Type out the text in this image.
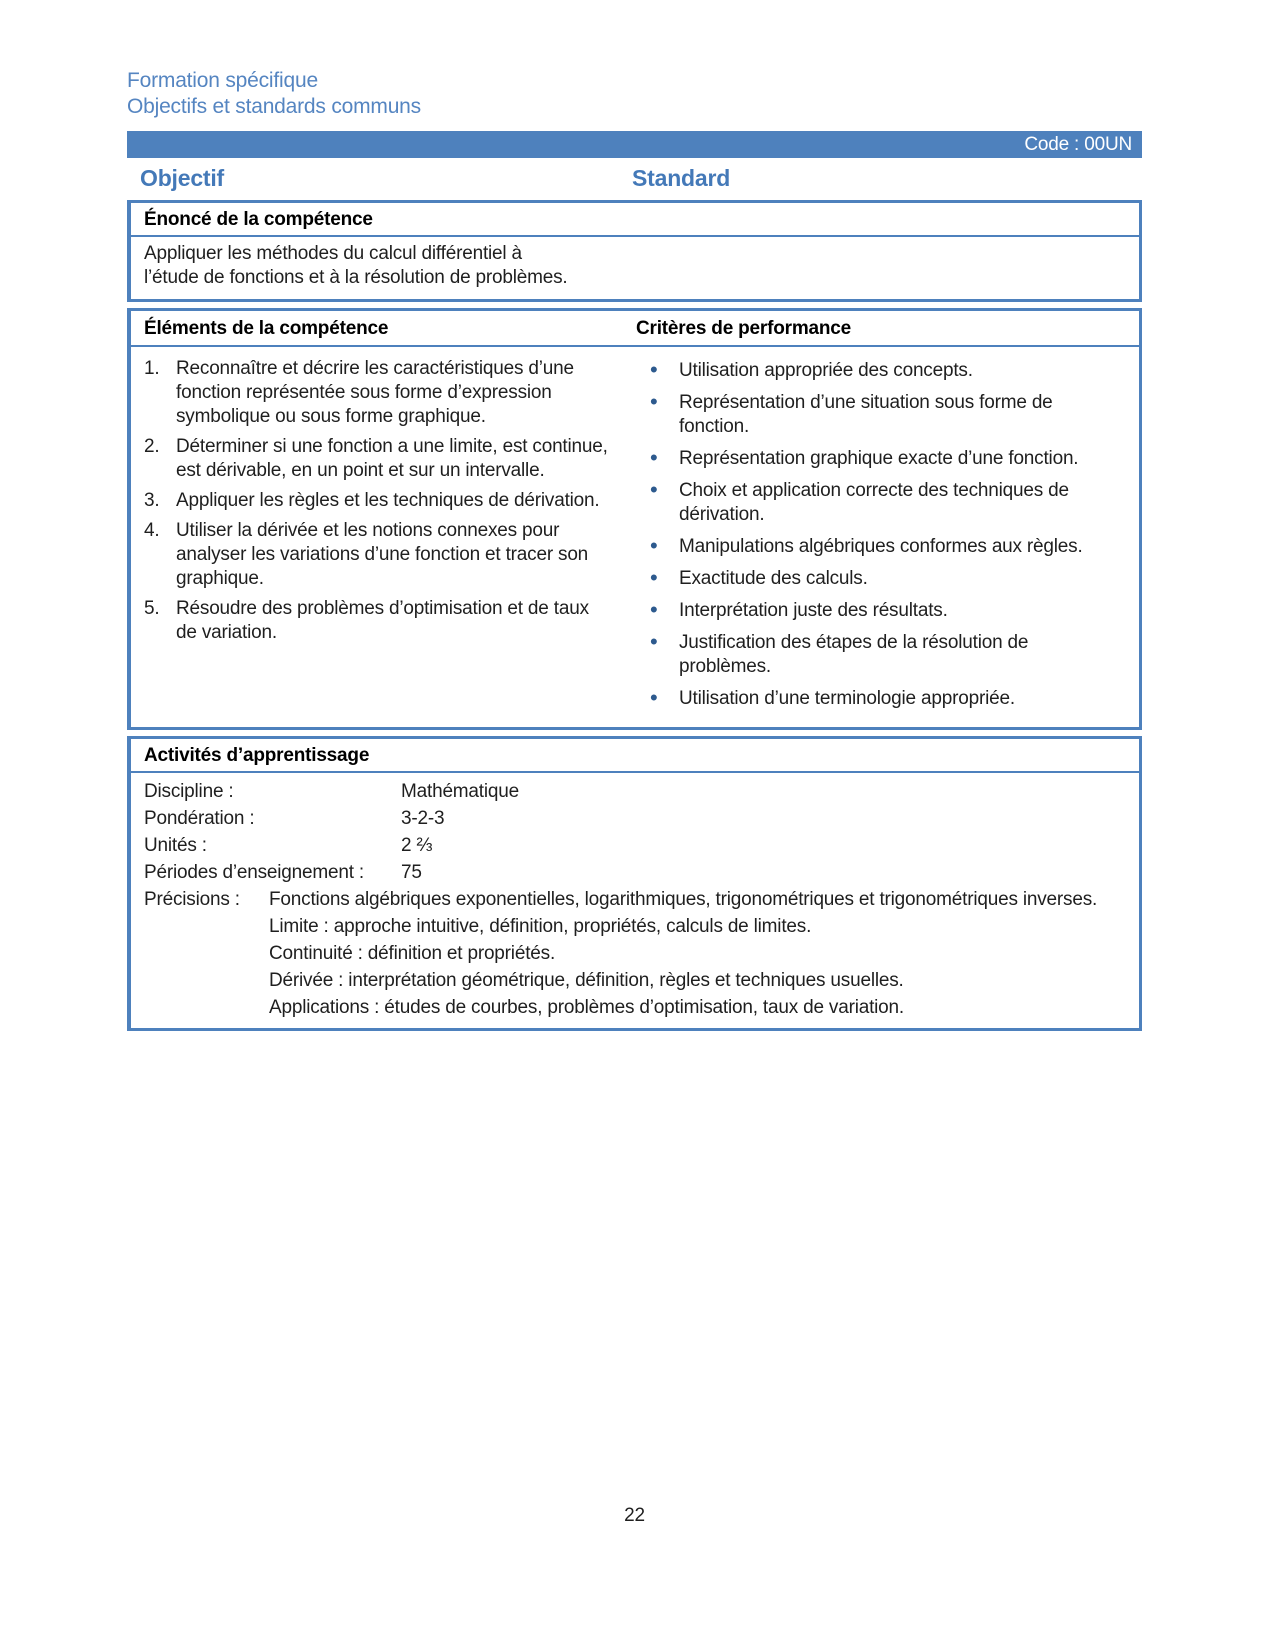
Formation spécifique
Objectifs et standards communs
Code : 00UN
Objectif	Standard
Énoncé de la compétence
Appliquer les méthodes du calcul différentiel à
l’étude de fonctions et à la résolution de problèmes.
Éléments de la compétence	Critères de performance
Reconnaître et décrire les caractéristiques d’une fonction représentée sous forme d’expression symbolique ou sous forme graphique.
Déterminer si une fonction a une limite, est continue, est dérivable, en un point et sur un intervalle.
Appliquer les règles et les techniques de dérivation.
Utiliser la dérivée et les notions connexes pour analyser les variations d’une fonction et tracer son graphique.
Résoudre des problèmes d’optimisation et de taux de variation.
•
Utilisation appropriée des concepts.
•
Représentation d’une situation sous forme de fonction.
•
Représentation graphique exacte d’une fonction.
•
Choix et application correcte des techniques de dérivation.
•
Manipulations algébriques conformes aux règles.
•
Exactitude des calculs.
•
Interprétation juste des résultats.
•
Justification des étapes de la résolution de problèmes.
•
Utilisation d’une terminologie appropriée.
Activités d’apprentissage
Discipline :	Mathématique
Pondération :	3-2-3
Unités :	2 ⅔
Périodes d’enseignement :	75
Précisions :	Fonctions algébriques exponentielles, logarithmiques, trigonométriques et trigonométriques inverses.
Limite : approche intuitive, définition, propriétés, calculs de limites.
Continuité : définition et propriétés.
Dérivée : interprétation géométrique, définition, règles et techniques usuelles.
Applications : études de courbes, problèmes d’optimisation, taux de variation.
22
